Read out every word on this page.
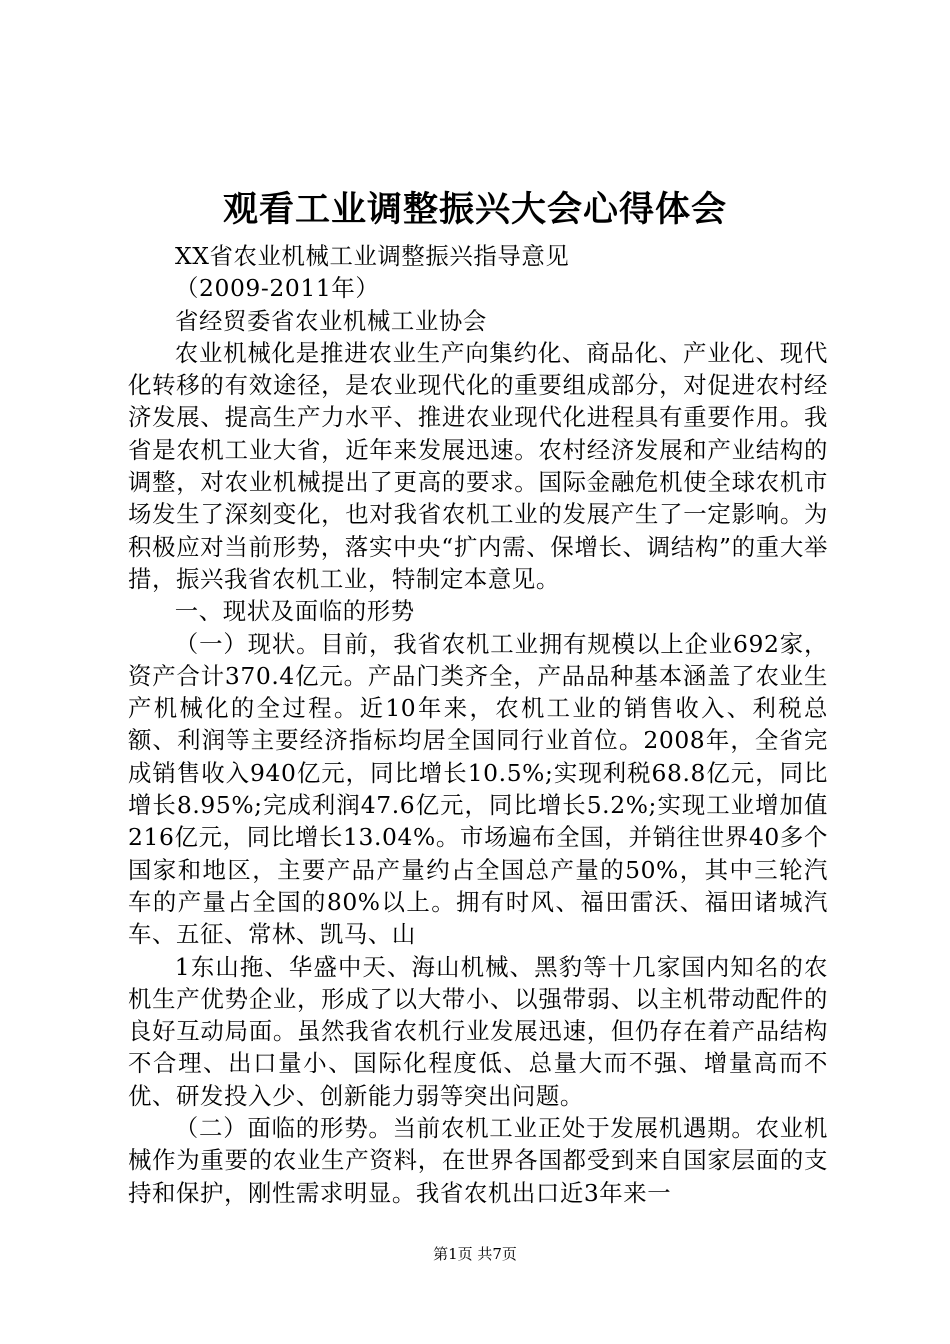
观看工业调整振兴大会心得体会

XX省农业机械工业调整振兴指导意见

（2009-2011年）

省经贸委省农业机械工业协会

农业机械化是推进农业生产向集约化、商品化、产业化、现代化转移的有效途径，是农业现代化的重要组成部分，对促进农村经济发展、提高生产力水平、推进农业现代化进程具有重要作用。我省是农机工业大省，近年来发展迅速。农村经济发展和产业结构的调整，对农业机械提出了更高的要求。国际金融危机使全球农机市场发生了深刻变化，也对我省农机工业的发展产生了一定影响。为积极应对当前形势，落实中央“扩内需、保增长、调结构”的重大举措，振兴我省农机工业，特制定本意见。

一、现状及面临的形势

（一）现状。目前，我省农机工业拥有规模以上企业692家，资产合计370.4亿元。产品门类齐全，产品品种基本涵盖了农业生产机械化的全过程。近10年来，农机工业的销售收入、利税总额、利润等主要经济指标均居全国同行业首位。2008年，全省完成销售收入940亿元，同比增长10.5%;实现利税68.8亿元，同比增长8.95%;完成利润47.6亿元，同比增长5.2%;实现工业增加值216亿元，同比增长13.04%。市场遍布全国，并销往世界40多个国家和地区，主要产品产量约占全国总产量的50%，其中三轮汽车的产量占全国的80%以上。拥有时风、福田雷沃、福田诸城汽车、五征、常林、凯马、山

1东山拖、华盛中天、海山机械、黑豹等十几家国内知名的农机生产优势企业，形成了以大带小、以强带弱、以主机带动配件的良好互动局面。虽然我省农机行业发展迅速，但仍存在着产品结构不合理、出口量小、国际化程度低、总量大而不强、增量高而不优、研发投入少、创新能力弱等突出问题。

（二）面临的形势。当前农机工业正处于发展机遇期。农业机械作为重要的农业生产资料，在世界各国都受到来自国家层面的支持和保护，刚性需求明显。我省农机出口近3年来一

第1页 共7页
